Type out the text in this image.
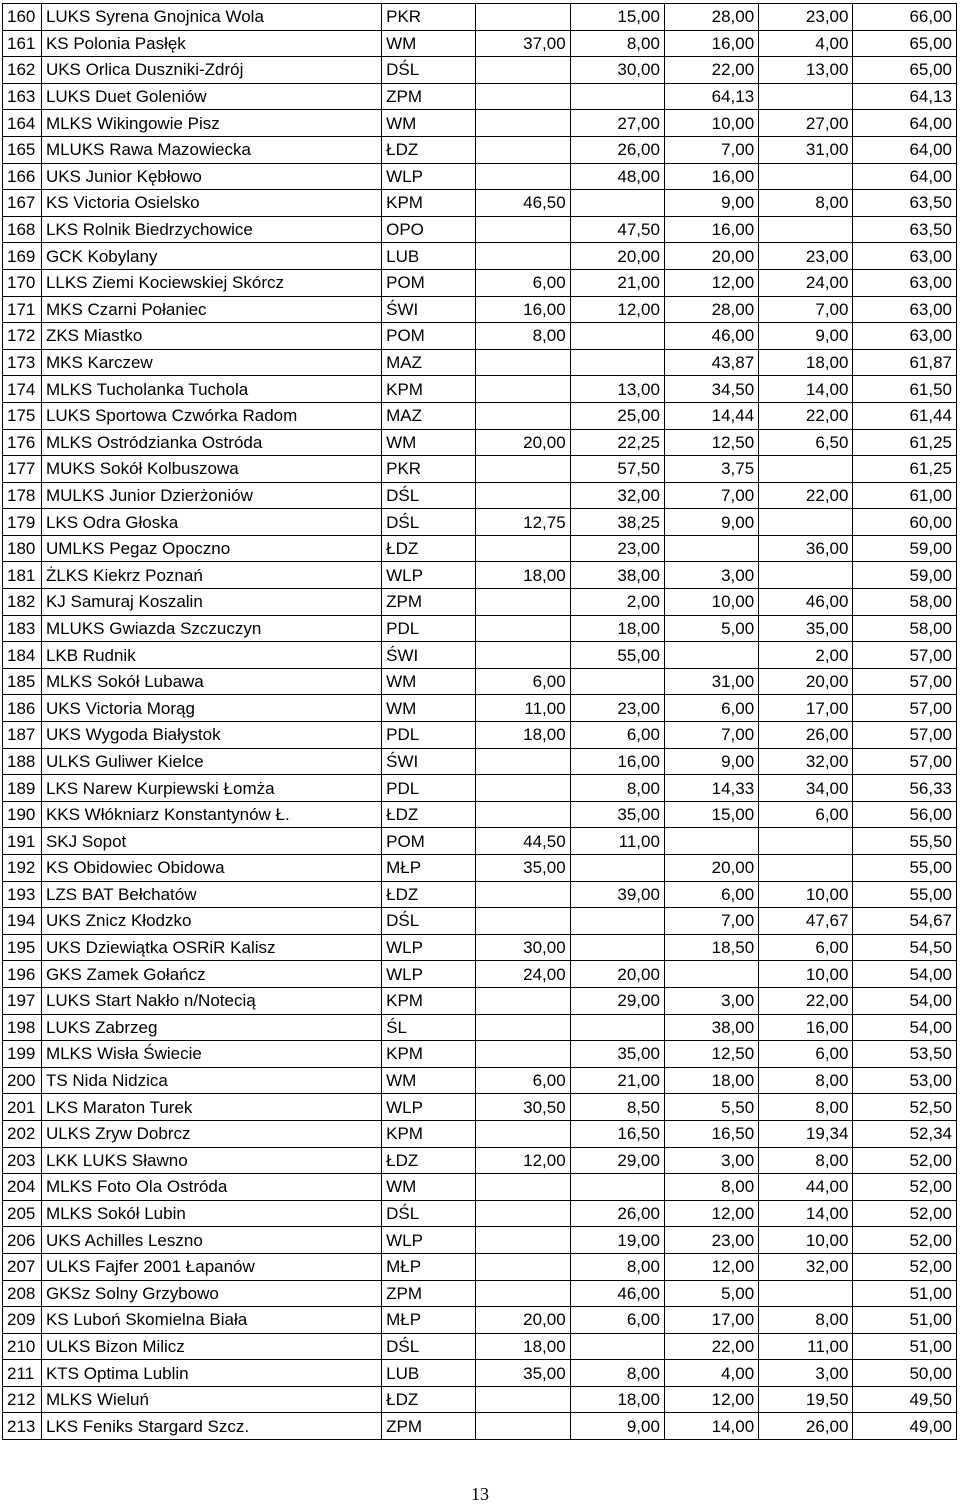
160	LUKS Syrena Gnojnica Wola	PKR		15,00	28,00	23,00	66,00
161	KS Polonia Pasłęk	WM	37,00	8,00	16,00	4,00	65,00
162	UKS Orlica Duszniki-Zdrój	DŚL		30,00	22,00	13,00	65,00
163	LUKS Duet Goleniów	ZPM			64,13		64,13
164	MLKS Wikingowie Pisz	WM		27,00	10,00	27,00	64,00
165	MLUKS Rawa Mazowiecka	ŁDZ		26,00	7,00	31,00	64,00
166	UKS Junior Kębłowo	WLP		48,00	16,00		64,00
167	KS Victoria Osielsko	KPM	46,50		9,00	8,00	63,50
168	LKS Rolnik Biedrzychowice	OPO		47,50	16,00		63,50
169	GCK Kobylany	LUB		20,00	20,00	23,00	63,00
170	LLKS Ziemi Kociewskiej Skórcz	POM	6,00	21,00	12,00	24,00	63,00
171	MKS Czarni Połaniec	ŚWI	16,00	12,00	28,00	7,00	63,00
172	ZKS Miastko	POM	8,00		46,00	9,00	63,00
173	MKS Karczew	MAZ			43,87	18,00	61,87
174	MLKS Tucholanka Tuchola	KPM		13,00	34,50	14,00	61,50
175	LUKS Sportowa Czwórka Radom	MAZ		25,00	14,44	22,00	61,44
176	MLKS Ostródzianka Ostróda	WM	20,00	22,25	12,50	6,50	61,25
177	MUKS Sokół Kolbuszowa	PKR		57,50	3,75		61,25
178	MULKS Junior Dzierżoniów	DŚL		32,00	7,00	22,00	61,00
179	LKS Odra Głoska	DŚL	12,75	38,25	9,00		60,00
180	UMLKS Pegaz Opoczno	ŁDZ		23,00		36,00	59,00
181	ŻLKS Kiekrz Poznań	WLP	18,00	38,00	3,00		59,00
182	KJ Samuraj Koszalin	ZPM		2,00	10,00	46,00	58,00
183	MLUKS Gwiazda Szczuczyn	PDL		18,00	5,00	35,00	58,00
184	LKB Rudnik	ŚWI		55,00		2,00	57,00
185	MLKS Sokół Lubawa	WM	6,00		31,00	20,00	57,00
186	UKS Victoria Morąg	WM	11,00	23,00	6,00	17,00	57,00
187	UKS Wygoda Białystok	PDL	18,00	6,00	7,00	26,00	57,00
188	ULKS Guliwer Kielce	ŚWI		16,00	9,00	32,00	57,00
189	LKS Narew Kurpiewski Łomża	PDL		8,00	14,33	34,00	56,33
190	KKS Włókniarz Konstantynów Ł.	ŁDZ		35,00	15,00	6,00	56,00
191	SKJ Sopot	POM	44,50	11,00			55,50
192	KS Obidowiec Obidowa	MŁP	35,00		20,00		55,00
193	LZS BAT Bełchatów	ŁDZ		39,00	6,00	10,00	55,00
194	UKS Znicz Kłodzko	DŚL			7,00	47,67	54,67
195	UKS Dziewiątka OSRiR Kalisz	WLP	30,00		18,50	6,00	54,50
196	GKS Zamek Gołańcz	WLP	24,00	20,00		10,00	54,00
197	LUKS Start Nakło n/Notecią	KPM		29,00	3,00	22,00	54,00
198	LUKS Zabrzeg	ŚL			38,00	16,00	54,00
199	MLKS Wisła Świecie	KPM		35,00	12,50	6,00	53,50
200	TS Nida Nidzica	WM	6,00	21,00	18,00	8,00	53,00
201	LKS Maraton Turek	WLP	30,50	8,50	5,50	8,00	52,50
202	ULKS Zryw Dobrcz	KPM		16,50	16,50	19,34	52,34
203	LKK LUKS Sławno	ŁDZ	12,00	29,00	3,00	8,00	52,00
204	MLKS Foto Ola Ostróda	WM			8,00	44,00	52,00
205	MLKS Sokół Lubin	DŚL		26,00	12,00	14,00	52,00
206	UKS Achilles Leszno	WLP		19,00	23,00	10,00	52,00
207	ULKS Fajfer 2001 Łapanów	MŁP		8,00	12,00	32,00	52,00
208	GKSz Solny Grzybowo	ZPM		46,00	5,00		51,00
209	KS Luboń Skomielna Biała	MŁP	20,00	6,00	17,00	8,00	51,00
210	ULKS Bizon Milicz	DŚL	18,00		22,00	11,00	51,00
211	KTS Optima Lublin	LUB	35,00	8,00	4,00	3,00	50,00
212	MLKS Wieluń	ŁDZ		18,00	12,00	19,50	49,50
213	LKS Feniks Stargard Szcz.	ZPM		9,00	14,00	26,00	49,00
13
